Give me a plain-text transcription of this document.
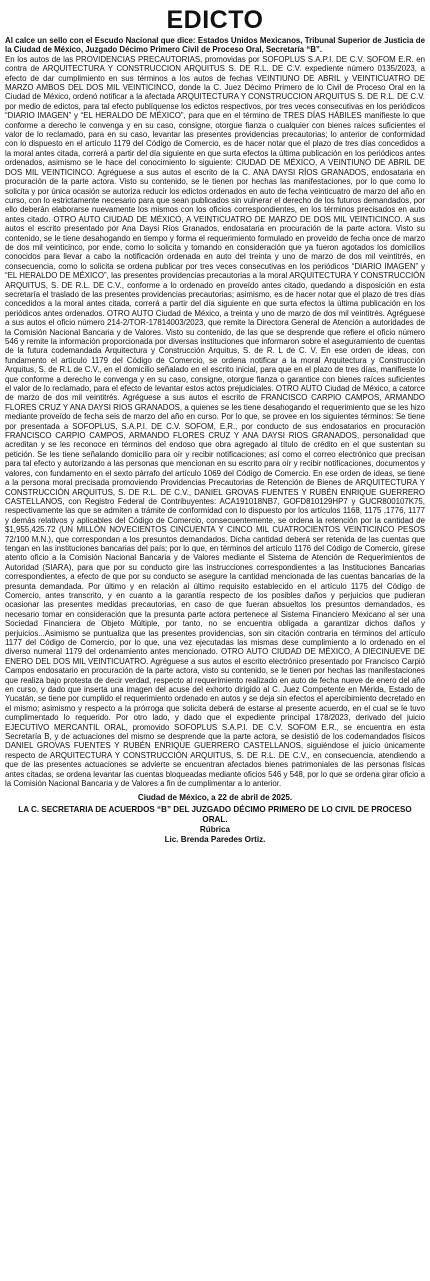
EDICTO

Al calce un sello con el Escudo Nacional que dice: Estados Unidos Mexicanos, Tribunal Superior de Justicia de la Ciudad de México, Juzgado Décimo Primero Civil de Proceso Oral, Secretaría “B”.

En los autos de las PROVIDENCIAS PRECAUTORIAS, promovidas por SOFOPLUS S.A.P.I. DE C.V. SOFOM E.R. en contra de ARQUITECTURA Y CONSTRUCCION ARQUITUS S. DE R.L. DE C.V. expediente número 0135/2023, a efecto de dar cumplimiento en sus términos a los autos de fechas VEINTIUNO DE ABRIL y VEINTICUATRO DE MARZO AMBOS DEL DOS MIL VEINTICINCO, donde la C. Juez Décimo Primero de lo Civil de Proceso Oral en la Ciudad de México, ordenó notificar a la afectada ARQUITECTURA Y CONSTRUCCION ARQUITUS S. DE R.L. DE C.V. por medio de edictos, para tal efecto publíquense los edictos respectivos, por tres veces consecutivas en los periódicos “DIARIO IMAGEN” y “EL HERALDO DE MÉXICO”, para que en el término de TRES DÍAS HÁBILES manifieste lo que conforme a derecho le convenga y en su caso, consigne, otorgue fianza o cualquier con bienes raíces suficientes el valor de lo reclamado, para en su caso, levantar las presentes providencias precautorias; lo anterior de conformidad con lo dispuesto en el artículo 1179 del Código de Comercio, es de hacer notar que el plazo de tres días concedidos a la moral antes citada, correrá a partir del día siguiente en que surta efectos la última publicación en los periódicos antes ordenados, asimismo se le hace del conocimiento lo siguiente: CIUDAD DE MÉXICO, A VEINTIUNO DE ABRIL DE DOS MIL VEINTICINCO. Agréguese a sus autos el escrito de la C. ANA DAYSI RÍOS GRANADOS, endosataria en procuración de la parte actora. Visto su contenido, se le tienen por hechas las manifestaciones, por lo que como lo solicita y por única ocasión se autoriza reducir los edictos ordenados en auto de fecha veinticuatro de marzo del año en curso, con lo estrictamente necesario para que sean publicados sin vulnerar el derecho de los futuros demandados, por ello deberán elaborarse nuevamente los mismos con los oficios correspondientes, en los términos precisados en auto antes citado. OTRO AUTO CIUDAD DE MÉXICO, A VEINTICUATRO DE MARZO DE DOS MIL VEINTICINCO. A sus autos el escrito presentado por Ana Daysi Ríos Granados, endosataria en procuración de la parte actora. Visto su contenido, se le tiene desahogando en tiempo y forma el requerimiento formulado en proveído de fecha once de marzo de dos mil veinticinco, por ende, como lo solicita y tomando en consideración que ya fueron agotados los domicilios conocidos para llevar a cabo la notificación ordenada en auto del treinta y uno de marzo de dos mil veintitrés, en consecuencia, como lo solicita se ordena publicar por tres veces consecutivas en los periódicos “DIARIO IMAGEN” y “EL HERALDO DE MÉXICO”, las presentes providencias precautorias a la moral ARQUITECTURA Y CONSTRUCCIÓN ARQUITUS, S. DE R.L. DE C.V., conforme a lo ordenado en proveído antes citado, quedando a disposición en esta secretaría el traslado de las presentes providencias precautorias; asimismo, es de hacer notar que el plazo de tres días concedidos a la moral antes citada, correrá a partir del día siguiente en que surta efectos la última publicación en los periódicos antes ordenados. OTRO AUTO Ciudad de México, a treinta y uno de marzo de dos mil veintitrés. Agréguese a sus autos el oficio número 214-2/TOR-17814003/2023, que remite la Directora General de Atención a autoridades de la Comisión Nacional Bancaria y de Valores. Visto su contenido, de las que se desprende que refiere el oficio número 546 y remite la información proporcionada por diversas instituciones que informaron sobre el aseguramiento de cuentas de la futura codemandada Arquitectura y Construcción Arquitus, S. de R. L de C. V. En ese orden de ideas, con fundamento el artículo 1179 del Código de Comercio, se ordena notificar a la moral Arquitectura y Construcción Arquitus, S. de R.L de C.V., en el domicilio señalado en el escrito inicial, para que en el plazo de tres días, manifieste lo que conforme a derecho le convenga y en su caso, consigne, otorgue fianza o garantice con bienes raíces suficientes el valor de lo reclamado, para el efecto de levantar estos actos prejudiciales. OTRO AUTO Ciudad de México, a catorce de marzo de dos mil veintitrés. Agréguese a sus autos el escrito de FRANCISCO CARPIO CAMPOS, ARMANDO FLORES CRUZ Y ANA DAYSI RIOS GRANADOS, a quienes se les tiene desahogando el requerimiento que se les hizo mediante proveído de fecha seis de marzo del año en curso. Por lo que, se provee en los siguientes términos: Se tiene por presentada a SOFOPLUS, S.A.P.I. DE C.V. SOFOM, E.R., por conducto de sus endosatarios en procuración FRANCISCO CARPIO CAMPOS, ARMANDO FLORES CRUZ Y ANA DAYSI RIOS GRANADOS, personalidad que acreditan y se les reconoce en términos del endoso que obra agregado al título de crédito en el que sustentan su petición. Se les tiene señalando domicilio para oír y recibir notificaciones; así como el correo electrónico que precisan para tal efecto y autorizando a las personas que mencionan en su escrito para oír y recibir notificaciones, documentos y valores, con fundamento en el sexto párrafo del artículo 1069 del Código de Comercio. En ese orden de ideas, se tiene a la persona moral precisada promoviendo Providencias Precautorias de Retención de Bienes de ARQUITECTURA Y CONSTRUCCIÓN ARQUITUS, S. DE R.L. DE C.V., DANIEL GROVAS FUENTES Y RUBÉN ENRIQUE GUERRERO CASTELLANOS, con Registro Federal de Contribuyentes: ACA191018NB7, GOFD810129HP7 y GUCR800107K75, respectivamente las que se admiten a trámite de conformidad con lo dispuesto por los artículos 1168, 1175 ,1776, 1177 y demás relativos y aplicables del Código de Comercio, consecuentemente, se ordena la retención por la cantidad de $1,955,425.72 (UN MILLÓN NOVECIENTOS CINCUENTA Y CINCO MIL CUATROCIENTOS VEINTICINCO PESOS 72/100 M.N.), que correspondan a los presuntos demandados. Dicha cantidad deberá ser retenida de las cuentas que tengan en las instituciones bancarias del país; por lo que, en términos del artículo 1176 del Código de Comercio, gírese atento oficio a la Comisión Nacional Bancaria y de Valores mediante el Sistema de Atención de Requerimientos de Autoridad (SIARA), para que por su conducto gire las instrucciones correspondientes a las Instituciones Bancarias correspondientes, a efecto de que por su conducto se asegure la cantidad mencionada de las cuentas bancarias de la presunta demandada. Por último y en relación al último requisito establecido en el artículo 1175 del Código de Comercio, antes transcrito, y en cuanto a la garantía respecto de los posibles daños y perjuicios que pudieran ocasionar las presentes medidas precautorias, en caso de que fueran absueltos los presuntos demandados, es necesario tomar en consideración que la presunta parte actora pertenece al Sistema Financiero Mexicano al ser una Sociedad Financiera de Objeto Múltiple, por tanto, no se encuentra obligada a garantizar dichos daños y perjuicios...Asimismo se puntualiza que las presentes providencias, son sin citación contraria en términos del artículo 1177 del Código de Comercio, por lo que, una vez ejecutadas las mismas dese cumplimiento a lo ordenado en el diverso numeral 1179 del ordenamiento antes mencionado. OTRO AUTO CIUDAD DE MÉXICO, A DIECINUEVE DE ENERO DEL DOS MIL VEINTICUATRO. Agréguese a sus autos el escrito electrónico presentado por Francisco Carpió Campos endosatario en procuración de la parte actora, visto su contenido, se le tienen por hechas las manifestaciones que realiza bajo protesta de decir verdad, respecto al requerimiento realizado en auto de fecha nueve de enero del año en curso, y dado que inserta una imagen del acuse del exhorto dirigido al C. Juez Competente en Mérida, Estado de Yucatán, se tiene por cumplido el requerimiento ordenado en autos y se deja sin efectos el apercibimiento decretado en el mismo; asimismo y respecto a la prórroga que solicita deberá de estarse al presente acuerdo, en el cual se le tuvo cumplimentado lo requerido. Por otro lado, y dado que el expediente principal 178/2023, derivado del juicio EJECUTIVO MERCANTIL ORAL, promovido SOFOPLUS S.A.P.I. DE C.V. SOFOM E.R., se encuentra en esta Secretaría B, y de actuaciones del mismo se desprende que la parte actora, se desistió de los codemandados físicos DANIEL GROVAS FUENTES Y RUBÉN ENRIQUE GUERRERO CASTELLANOS, siguiéndose el juicio únicamente respecto de ARQUITECTURA Y CONSTRUCCIÓN ARQUITUS, S. DE R.L. DE C.V., en consecuencia, atendiendo a que de las presentes actuaciones se advierte se encuentran afectados bienes patrimoniales de las personas físicas antes citadas, se ordena levantar las cuentas bloqueadas mediante oficios 546 y 548, por lo que se ordena girar oficio a la Comisión Nacional Bancaria y de Valores a fin de cumplimentar a lo anterior.

Ciudad de México, a 22 de abril de 2025.

LA C. SECRETARIA DE ACUERDOS “B” DEL JUZGADO DÉCIMO PRIMERO DE LO CIVIL DE PROCESO ORAL.

Rúbrica

Lic. Brenda Paredes Ortiz.
